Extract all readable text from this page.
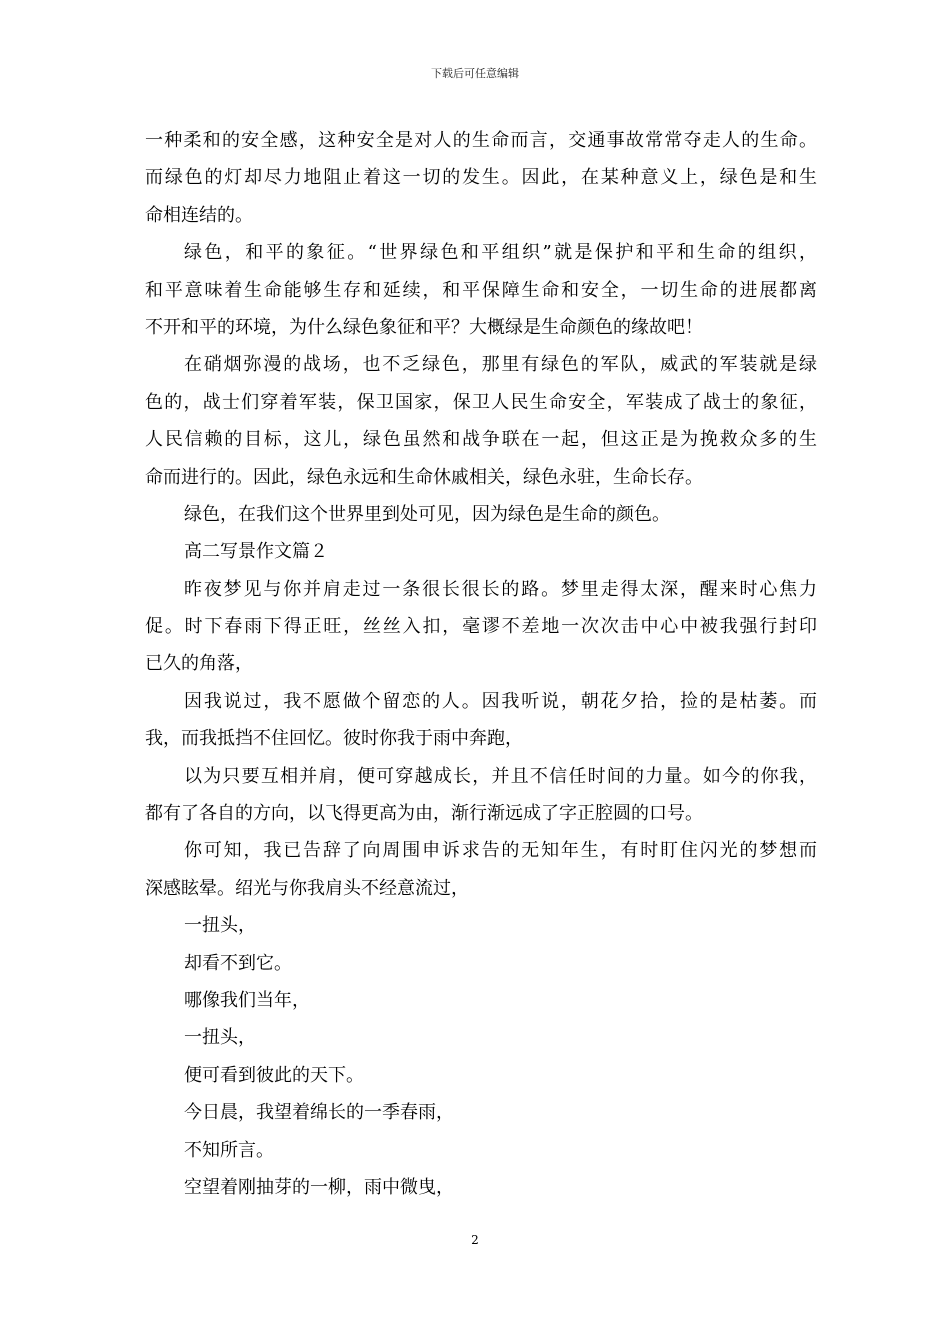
下载后可任意编辑
一种柔和的安全感，这种安全是对人的生命而言，交通事故常常夺走人的生命。
而绿色的灯却尽力地阻止着这一切的发生。因此，在某种意义上，绿色是和生
命相连结的。
绿色，和平的象征。“世界绿色和平组织”就是保护和平和生命的组织，
和平意味着生命能够生存和延续，和平保障生命和安全，一切生命的进展都离
不开和平的环境，为什么绿色象征和平？大概绿是生命颜色的缘故吧！
在硝烟弥漫的战场，也不乏绿色，那里有绿色的军队，威武的军装就是绿
色的，战士们穿着军装，保卫国家，保卫人民生命安全，军装成了战士的象征，
人民信赖的目标，这儿，绿色虽然和战争联在一起，但这正是为挽救众多的生
命而进行的。因此，绿色永远和生命休戚相关，绿色永驻，生命长存。
绿色，在我们这个世界里到处可见，因为绿色是生命的颜色。
高二写景作文篇２
昨夜梦见与你并肩走过一条很长很长的路。梦里走得太深，醒来时心焦力
促。时下春雨下得正旺，丝丝入扣，毫谬不差地一次次击中心中被我强行封印
已久的角落，
因我说过，我不愿做个留恋的人。因我听说，朝花夕拾，捡的是枯萎。而
我，而我抵挡不住回忆。彼时你我于雨中奔跑，
以为只要互相并肩，便可穿越成长，并且不信任时间的力量。如今的你我，
都有了各自的方向，以飞得更高为由，渐行渐远成了字正腔圆的口号。
你可知，我已告辞了向周围申诉求告的无知年生，有时盯住闪光的梦想而
深感眩晕。绍光与你我肩头不经意流过，
一扭头，
却看不到它。
哪像我们当年，
一扭头，
便可看到彼此的天下。
今日晨，我望着绵长的一季春雨，
不知所言。
空望着刚抽芽的一柳，雨中微曳，
2
